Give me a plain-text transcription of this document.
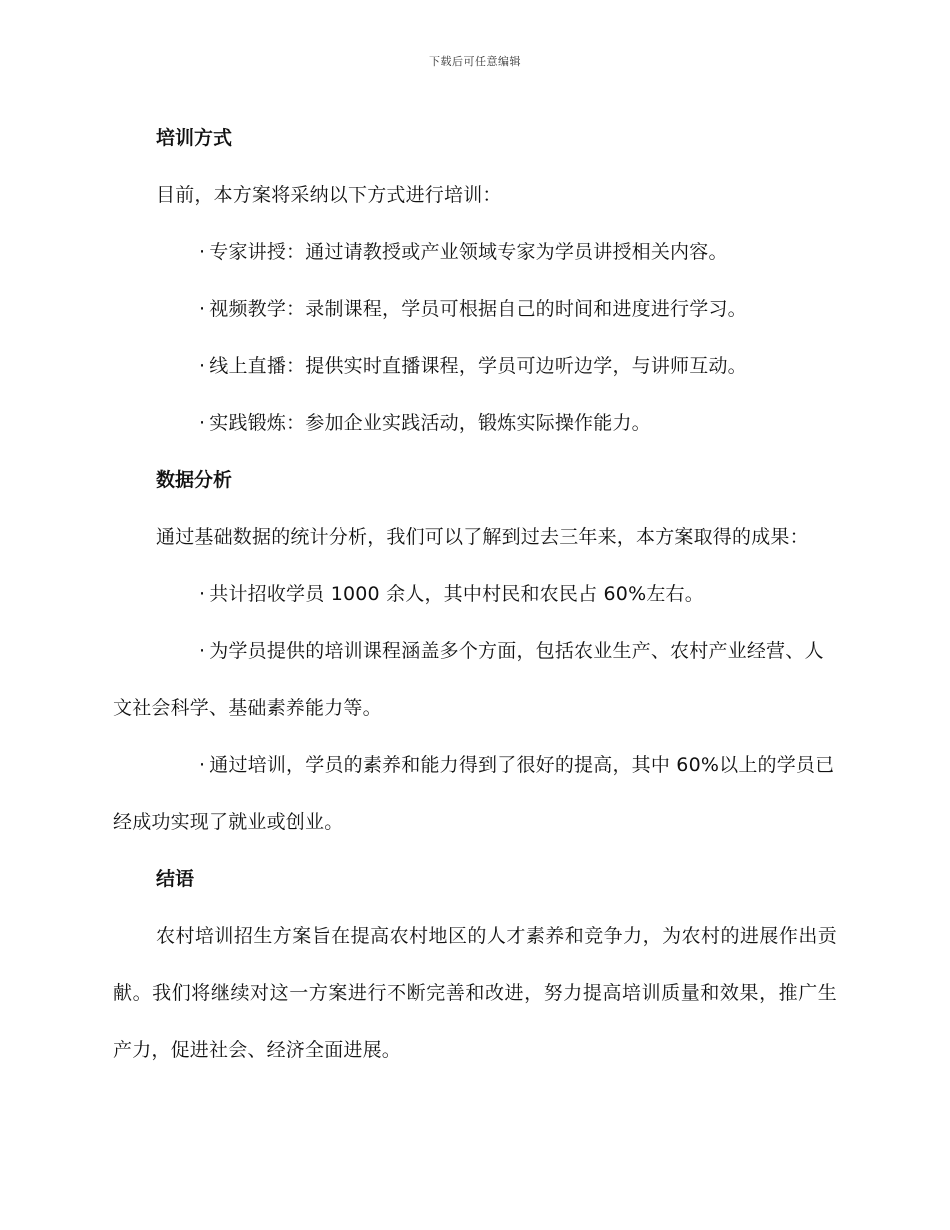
下载后可任意编辑

培训方式

目前，本方案将采纳以下方式进行培训：

· 专家讲授：通过请教授或产业领域专家为学员讲授相关内容。

· 视频教学：录制课程，学员可根据自己的时间和进度进行学习。

· 线上直播：提供实时直播课程，学员可边听边学，与讲师互动。

· 实践锻炼：参加企业实践活动，锻炼实际操作能力。

数据分析

通过基础数据的统计分析，我们可以了解到过去三年来，本方案取得的成果：

· 共计招收学员 1000 余人，其中村民和农民占 60%左右。

· 为学员提供的培训课程涵盖多个方面，包括农业生产、农村产业经营、人文社会科学、基础素养能力等。

· 通过培训，学员的素养和能力得到了很好的提高，其中 60%以上的学员已经成功实现了就业或创业。

结语

农村培训招生方案旨在提高农村地区的人才素养和竞争力，为农村的进展作出贡献。我们将继续对这一方案进行不断完善和改进，努力提高培训质量和效果，推广生产力，促进社会、经济全面进展。
